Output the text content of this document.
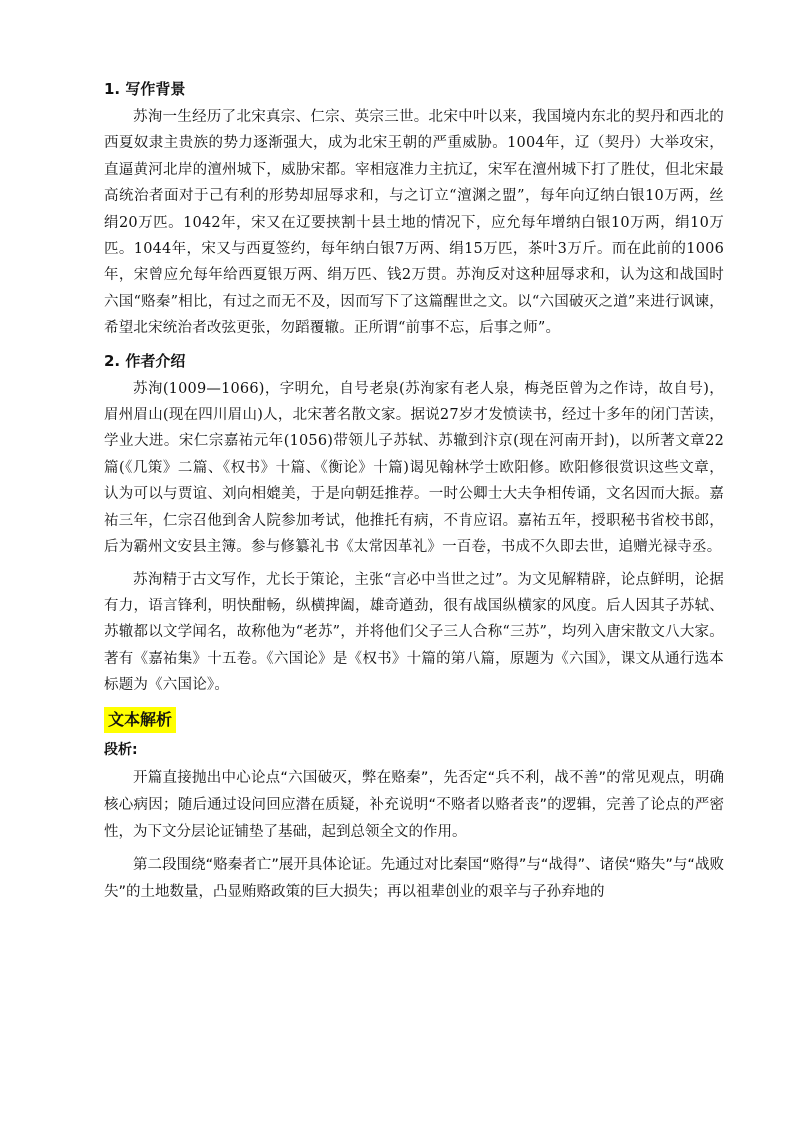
1. 写作背景

苏洵一生经历了北宋真宗、仁宗、英宗三世。北宋中叶以来，我国境内东北的契丹和西北的西夏奴隶主贵族的势力逐渐强大，成为北宋王朝的严重威胁。1004年，辽（契丹）大举攻宋，直逼黄河北岸的澶州城下，威胁宋都。宰相寇准力主抗辽，宋军在澶州城下打了胜仗，但北宋最高统治者面对于己有利的形势却屈辱求和，与之订立“澶渊之盟”，每年向辽纳白银10万两，丝绢20万匹。1042年，宋又在辽要挟割十县土地的情况下，应允每年增纳白银10万两，绢10万匹。1044年，宋又与西夏签约，每年纳白银7万两、绢15万匹，茶叶3万斤。而在此前的1006年，宋曾应允每年给西夏银万两、绢万匹、钱2万贯。苏洵反对这种屈辱求和，认为这和战国时六国“赂秦”相比，有过之而无不及，因而写下了这篇醒世之文。以“六国破灭之道”来进行讽谏，希望北宋统治者改弦更张，勿蹈覆辙。正所谓“前事不忘，后事之师”。

2. 作者介绍

苏洵(1009—1066)，字明允，自号老泉(苏洵家有老人泉，梅尧臣曾为之作诗，故自号)，眉州眉山(现在四川眉山)人，北宋著名散文家。据说27岁才发愤读书，经过十多年的闭门苦读，学业大进。宋仁宗嘉祐元年(1056)带领儿子苏轼、苏辙到汴京(现在河南开封)，以所著文章22篇(《几策》二篇、《权书》十篇、《衡论》十篇)谒见翰林学士欧阳修。欧阳修很赏识这些文章，认为可以与贾谊、刘向相媲美，于是向朝廷推荐。一时公卿士大夫争相传诵，文名因而大振。嘉祐三年，仁宗召他到舍人院参加考试，他推托有病，不肯应诏。嘉祐五年，授职秘书省校书郎，后为霸州文安县主簿。参与修纂礼书《太常因革礼》一百卷，书成不久即去世，追赠光禄寺丞。

苏洵精于古文写作，尤长于策论，主张“言必中当世之过”。为文见解精辟，论点鲜明，论据有力，语言锋利，明快酣畅，纵横捭阖，雄奇遒劲，很有战国纵横家的风度。后人因其子苏轼、苏辙都以文学闻名，故称他为“老苏”，并将他们父子三人合称“三苏”，均列入唐宋散文八大家。著有《嘉祐集》十五卷。《六国论》是《权书》十篇的第八篇，原题为《六国》，课文从通行选本标题为《六国论》。

文本解析
段析:

开篇直接抛出中心论点“六国破灭，弊在赂秦”，先否定“兵不利，战不善”的常见观点，明确核心病因；随后通过设问回应潜在质疑，补充说明“不赂者以赂者丧”的逻辑，完善了论点的严密性，为下文分层论证铺垫了基础，起到总领全文的作用。

第二段围绕“赂秦者亡”展开具体论证。先通过对比秦国“赂得”与“战得”、诸侯“赂失”与“战败失”的土地数量，凸显贿赂政策的巨大损失；再以祖辈创业的艰辛与子孙弃地的
